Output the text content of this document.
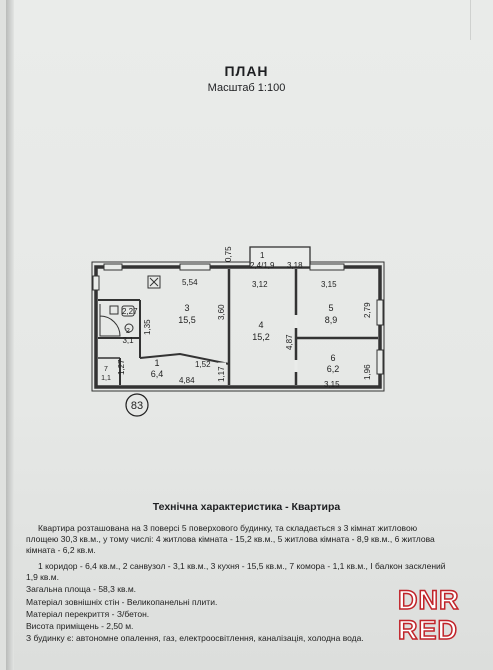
ПЛАН
Масштаб 1:100
0,75	1
2,4/1,9 3,18
5,54	3,12	3,15
2,27
1,35
3,60
4,87
2,79
1,52
1,27	1,17
4,84	3,15
1,96
3
15,5	4
15,2
5
8,9
6
6,2
2
3,1
1
6,4
7
1,1
83
Технічна характеристика - Квартира
Квартира розташована на 3 поверсі 5 поверхового будинку, та складається з 3 кімнат житловою
площею 30,3 кв.м., у тому числі: 4 житлова кімната - 15,2 кв.м., 5 житлова кімната - 8,9 кв.м., 6 житлова
кімната - 6,2 кв.м.
1 коридор - 6,4 кв.м., 2 санвузол - 3,1 кв.м., 3 кухня - 15,5 кв.м., 7 комора - 1,1 кв.м., І балкон засклений
1,9 кв.м.
Загальна площа - 58,3 кв.м.
Матеріал зовнішніх стін - Великопанельні плити.
Матеріал перекриття - З/бетон.
Висота приміщень - 2,50 м.
З будинку є: автономне опалення, газ, електроосвітлення, каналізація, холодна вода.
DNR
RED
